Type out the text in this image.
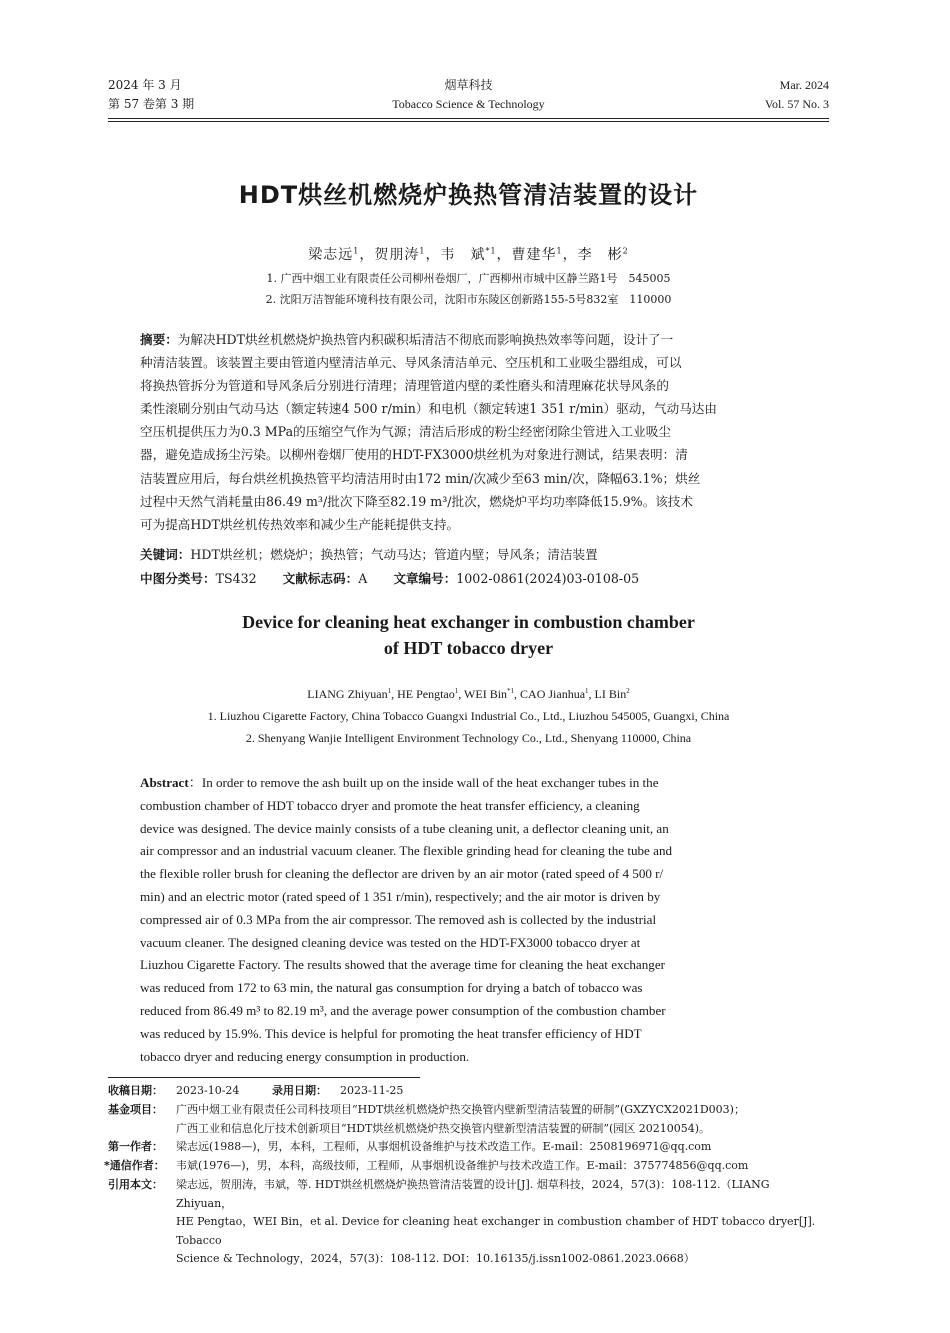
2024 年 3 月
第 57 卷第 3 期
烟草科技
Tobacco Science & Technology
Mar. 2024
Vol. 57 No. 3
HDT烘丝机燃烧炉换热管清洁装置的设计
梁志远$^1$，贺朋涛$^1$，韦　斌$^{*1}$，曹建华$^1$，李　彬$^2$
1. 广西中烟工业有限责任公司柳州卷烟厂，广西柳州市城中区静兰路1号　545005
2. 沈阳万洁智能环境科技有限公司，沈阳市东陵区创新路155-5号832室　110000
摘要：为解决HDT烘丝机燃烧炉换热管内积碳积垢清洁不彻底而影响换热效率等问题，设计了一
种清洁装置。该装置主要由管道内壁清洁单元、导风条清洁单元、空压机和工业吸尘器组成，可以
将换热管拆分为管道和导风条后分别进行清理；清理管道内壁的柔性磨头和清理麻花状导风条的
柔性滚刷分别由气动马达（额定转速4 500 r/min）和电机（额定转速1 351 r/min）驱动，气动马达由
空压机提供压力为0.3 MPa的压缩空气作为气源；清洁后形成的粉尘经密闭除尘管进入工业吸尘
器，避免造成扬尘污染。以柳州卷烟厂使用的HDT-FX3000烘丝机为对象进行测试，结果表明：清
洁装置应用后，每台烘丝机换热管平均清洁用时由172 min/次减少至63 min/次，降幅63.1%；烘丝
过程中天然气消耗量由86.49 m³/批次下降至82.19 m³/批次，燃烧炉平均功率降低15.9%。该技术
可为提高HDT烘丝机传热效率和减少生产能耗提供支持。
关键词：HDT烘丝机；燃烧炉；换热管；气动马达；管道内壁；导风条；清洁装置
中图分类号：TS432 文献标志码：A 文章编号：1002-0861(2024)03-0108-05
Device for cleaning heat exchanger in combustion chamber
of HDT tobacco dryer
LIANG Zhiyuan$^1$, HE Pengtao$^1$, WEI Bin$^{*1}$, CAO Jianhua$^1$, LI Bin$^2$
1. Liuzhou Cigarette Factory, China Tobacco Guangxi Industrial Co., Ltd., Liuzhou 545005, Guangxi, China
2. Shenyang Wanjie Intelligent Environment Technology Co., Ltd., Shenyang 110000, China
Abstract：In order to remove the ash built up on the inside wall of the heat exchanger tubes in the
combustion chamber of HDT tobacco dryer and promote the heat transfer efficiency, a cleaning
device was designed. The device mainly consists of a tube cleaning unit, a deflector cleaning unit, an
air compressor and an industrial vacuum cleaner. The flexible grinding head for cleaning the tube and
the flexible roller brush for cleaning the deflector are driven by an air motor (rated speed of 4 500 r/
min) and an electric motor (rated speed of 1 351 r/min), respectively; and the air motor is driven by
compressed air of 0.3 MPa from the air compressor. The removed ash is collected by the industrial
vacuum cleaner. The designed cleaning device was tested on the HDT-FX3000 tobacco dryer at
Liuzhou Cigarette Factory. The results showed that the average time for cleaning the heat exchanger
was reduced from 172 to 63 min, the natural gas consumption for drying a batch of tobacco was
reduced from 86.49 m³ to 82.19 m³, and the average power consumption of the combustion chamber
was reduced by 15.9%. This device is helpful for promoting the heat transfer efficiency of HDT
tobacco dryer and reducing energy consumption in production.
收稿日期： 2023-10-24	录用日期： 2023-11-25
基金项目： 广西中烟工业有限责任公司科技项目“HDT烘丝机燃烧炉热交换管内壁新型清洁装置的研制”(GXZYCX2021D003)；
广西工业和信息化厅技术创新项目“HDT烘丝机燃烧炉热交换管内壁新型清洁装置的研制”(园区 20210054)。
第一作者： 梁志远(1988—)，男，本科，工程师，从事烟机设备维护与技术改造工作。E-mail：2508196971@qq.com
*通信作者： 韦斌(1976—)，男，本科，高级技师，工程师，从事烟机设备维护与技术改造工作。E-mail：375774856@qq.com
引用本文： 梁志远，贺朋涛，韦斌，等. HDT烘丝机燃烧炉换热管清洁装置的设计[J]. 烟草科技，2024，57(3)：108-112.（LIANG Zhiyuan，
HE Pengtao，WEI Bin，et al. Device for cleaning heat exchanger in combustion chamber of HDT tobacco dryer[J]. Tobacco
Science & Technology，2024，57(3)：108-112. DOI：10.16135/j.issn1002-0861.2023.0668）
